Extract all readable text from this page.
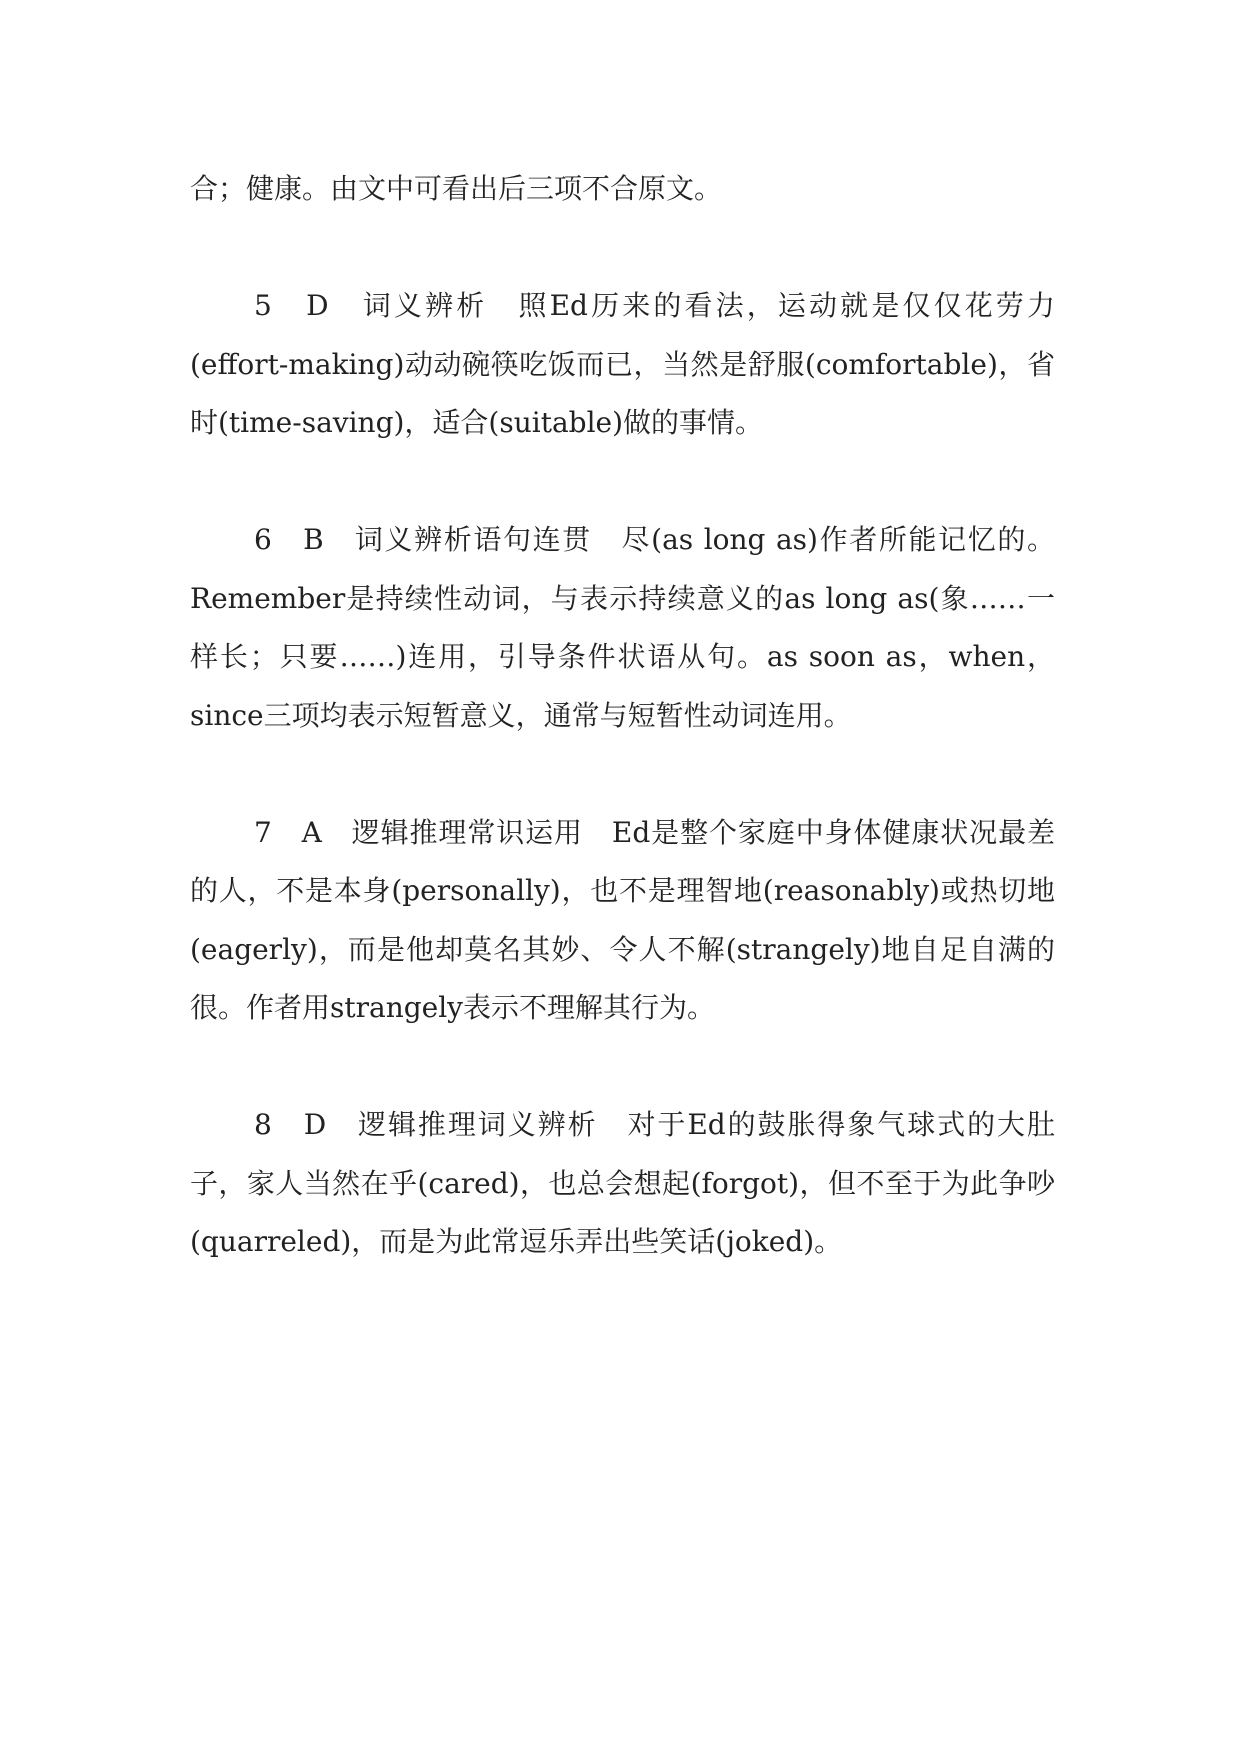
合；健康。由文中可看出后三项不合原文。

5　D　词义辨析　照Ed历来的看法，运动就是仅仅花劳力(effort-making)动动碗筷吃饭而已，当然是舒服(comfortable)，省时(time-saving)，适合(suitable)做的事情。

6　B　词义辨析语句连贯　尽(as long as)作者所能记忆的。Remember是持续性动词，与表示持续意义的as long as(象……一样长；只要……)连用，引导条件状语从句。as soon as，when，since三项均表示短暂意义，通常与短暂性动词连用。

7　A　逻辑推理常识运用　Ed是整个家庭中身体健康状况最差的人，不是本身(personally)，也不是理智地(reasonably)或热切地(eagerly)，而是他却莫名其妙、令人不解(strangely)地自足自满的很。作者用strangely表示不理解其行为。

8　D　逻辑推理词义辨析　对于Ed的鼓胀得象气球式的大肚子，家人当然在乎(cared)，也总会想起(forgot)，但不至于为此争吵(quarreled)，而是为此常逗乐弄出些笑话(joked)。
